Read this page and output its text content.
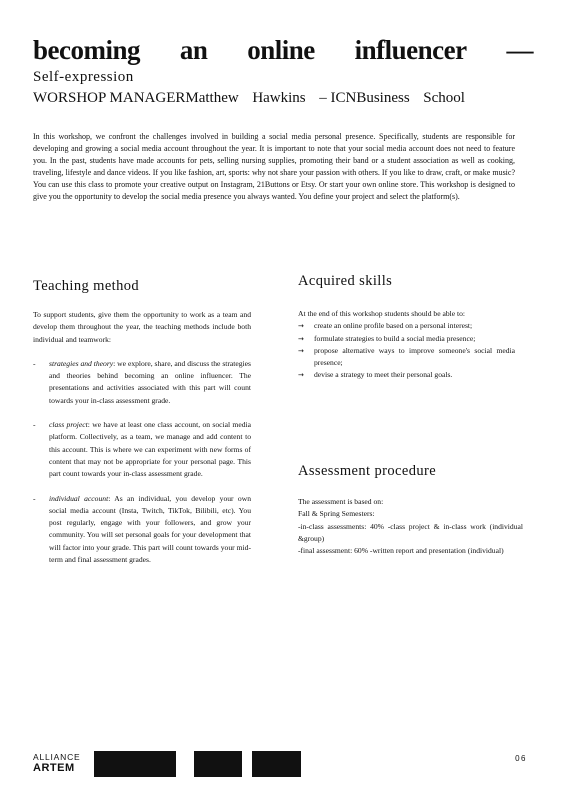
becoming an online influencer —
Self-expression
WORSHOP MANAGERMatthew Hawkins – ICNBusiness School

In this workshop, we confront the challenges involved in building a social media personal presence. Specifically, students are responsible for developing and growing a social media account throughout the year. It is important to note that your social media account does not need to feature you. In the past, students have made accounts for pets, selling nursing supplies, promoting their band or a student association as well as cooking, traveling, lifestyle and dance videos. If you like fashion, art, sports: why not share your passion with others. If you like to draw, craft, or make music? You can use this class to promote your creative output on Instagram, 21Buttons or Etsy. Or start your own online store. This workshop is designed to give you the opportunity to develop the social media presence you always wanted. You define your project and select the platform(s).

Teaching method
To support students, give them the opportunity to work as a team and develop them throughout the year, the teaching methods include both individual and teamwork:
- strategies and theory: we explore, share, and discuss the strategies and theories behind becoming an online influencer. The presentations and activities associated with this part will count towards your in-class assessment grade.
- class project: we have at least one class account, on social media platform. Collectively, as a team, we manage and add content to this account. This is where we can experiment with new forms of content that may not be appropriate for your personal page. This part count towards your in-class assessment grade.
- individual account: As an individual, you develop your own social media account (Insta, Twitch, TikTok, Bilibili, etc). You post regularly, engage with your followers, and grow your community. You will set personal goals for your development that will factor into your grade. This part will count towards your mid-term and final assessment grades.
Acquired skills
At the end of this workshop students should be able to:
→ create an online profile based on a personal interest;
→ formulate strategies to build a social media presence;
→ propose alternative ways to improve someone's social media presence;
→ devise a strategy to meet their personal goals.
Assessment procedure
The assessment is based on:
Fall & Spring Semesters:
-in-class assessments: 40% -class project & in-class work (individual &group)
-final assessment: 60% -written report and presentation (individual)
ALLIANCE
ARTEM
06
